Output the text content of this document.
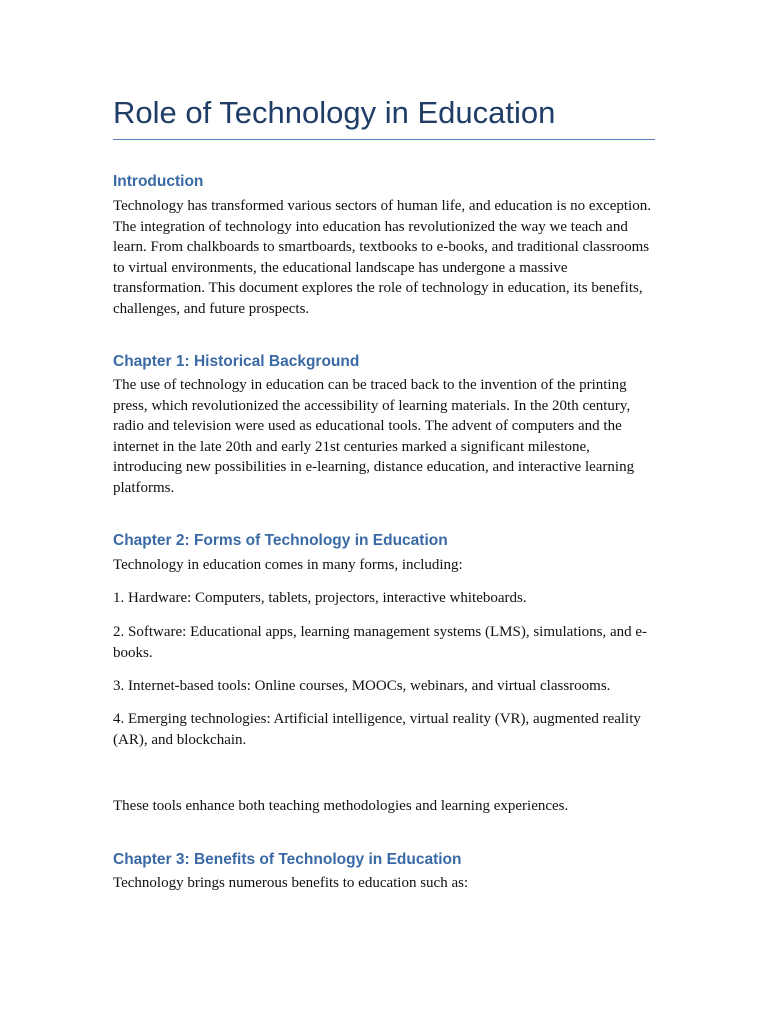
Role of Technology in Education
Introduction

Technology has transformed various sectors of human life, and education is no exception. The integration of technology into education has revolutionized the way we teach and learn. From chalkboards to smartboards, textbooks to e-books, and traditional classrooms to virtual environments, the educational landscape has undergone a massive transformation. This document explores the role of technology in education, its benefits, challenges, and future prospects.

Chapter 1: Historical Background

The use of technology in education can be traced back to the invention of the printing press, which revolutionized the accessibility of learning materials. In the 20th century, radio and television were used as educational tools. The advent of computers and the internet in the late 20th and early 21st centuries marked a significant milestone, introducing new possibilities in e-learning, distance education, and interactive learning platforms.

Chapter 2: Forms of Technology in Education

Technology in education comes in many forms, including:

1. Hardware: Computers, tablets, projectors, interactive whiteboards.

2. Software: Educational apps, learning management systems (LMS), simulations, and e-books.

3. Internet-based tools: Online courses, MOOCs, webinars, and virtual classrooms.

4. Emerging technologies: Artificial intelligence, virtual reality (VR), augmented reality (AR), and blockchain.

These tools enhance both teaching methodologies and learning experiences.

Chapter 3: Benefits of Technology in Education

Technology brings numerous benefits to education such as:
